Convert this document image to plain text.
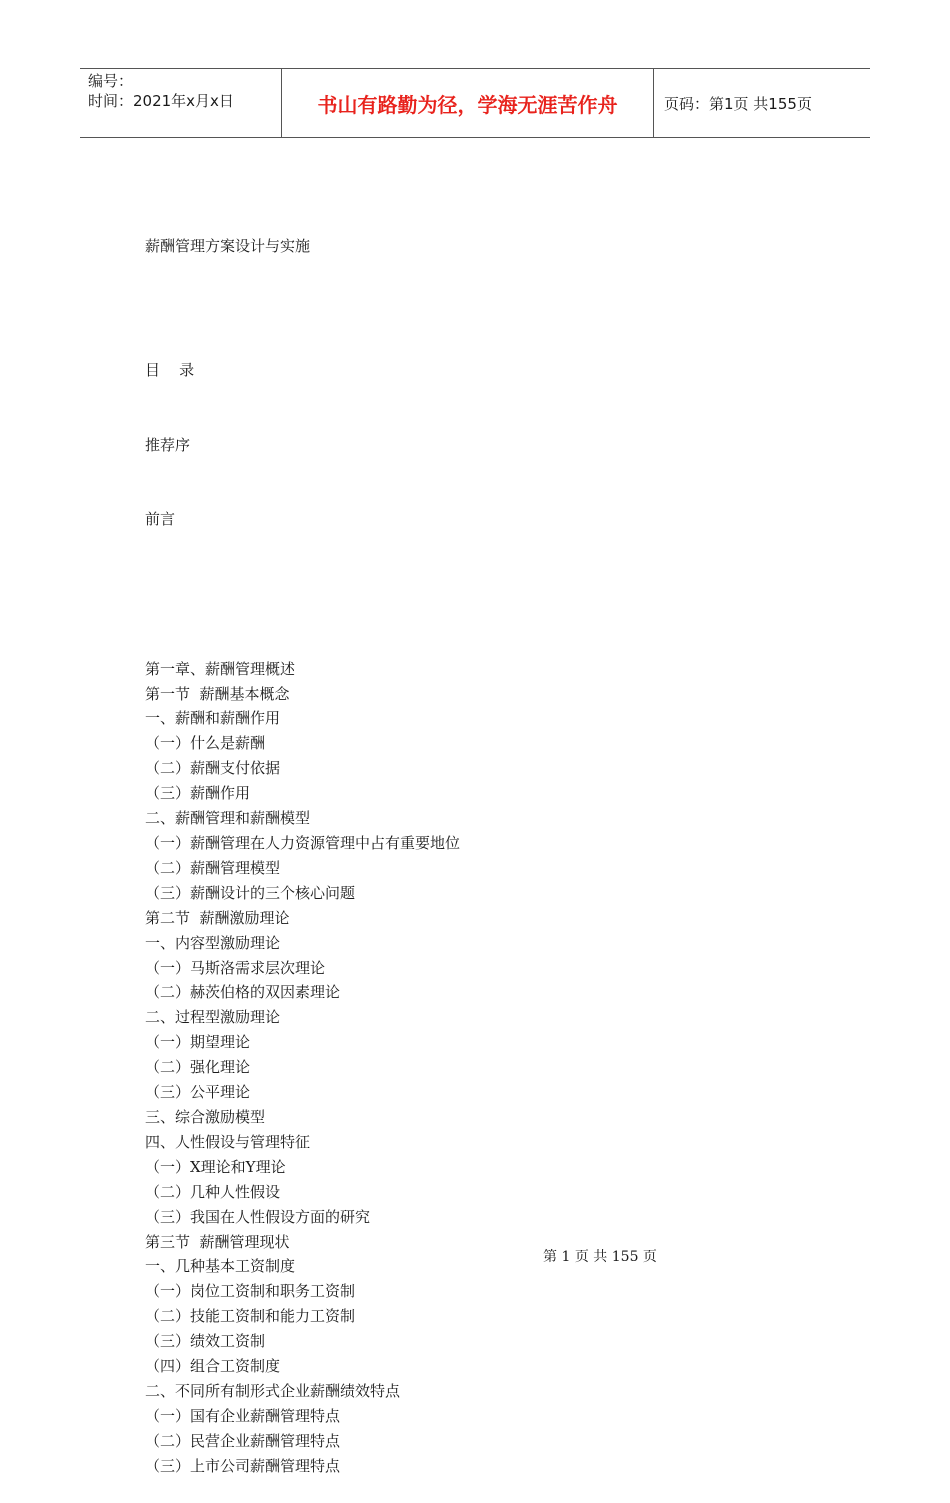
编号：
时间：2021年x月x日	书山有路勤为径，学海无涯苦作舟	页码：第1页 共155页
薪酬管理方案设计与实施

目    录

推荐序

前言

第一章、薪酬管理概述
第一节  薪酬基本概念
一、薪酬和薪酬作用
（一）什么是薪酬
（二）薪酬支付依据
（三）薪酬作用
二、薪酬管理和薪酬模型
（一）薪酬管理在人力资源管理中占有重要地位
（二）薪酬管理模型
（三）薪酬设计的三个核心问题
第二节  薪酬激励理论
一、内容型激励理论
（一）马斯洛需求层次理论
（二）赫茨伯格的双因素理论
二、过程型激励理论
（一）期望理论
（二）强化理论
（三）公平理论
三、综合激励模型
四、人性假设与管理特征
（一）X理论和Y理论
（二）几种人性假设
（三）我国在人性假设方面的研究
第三节  薪酬管理现状
一、几种基本工资制度
（一）岗位工资制和职务工资制
（二）技能工资制和能力工资制
（三）绩效工资制
（四）组合工资制度
二、不同所有制形式企业薪酬绩效特点
（一）国有企业薪酬管理特点
（二）民营企业薪酬管理特点
（三）上市公司薪酬管理特点

第 1 页 共 155 页
